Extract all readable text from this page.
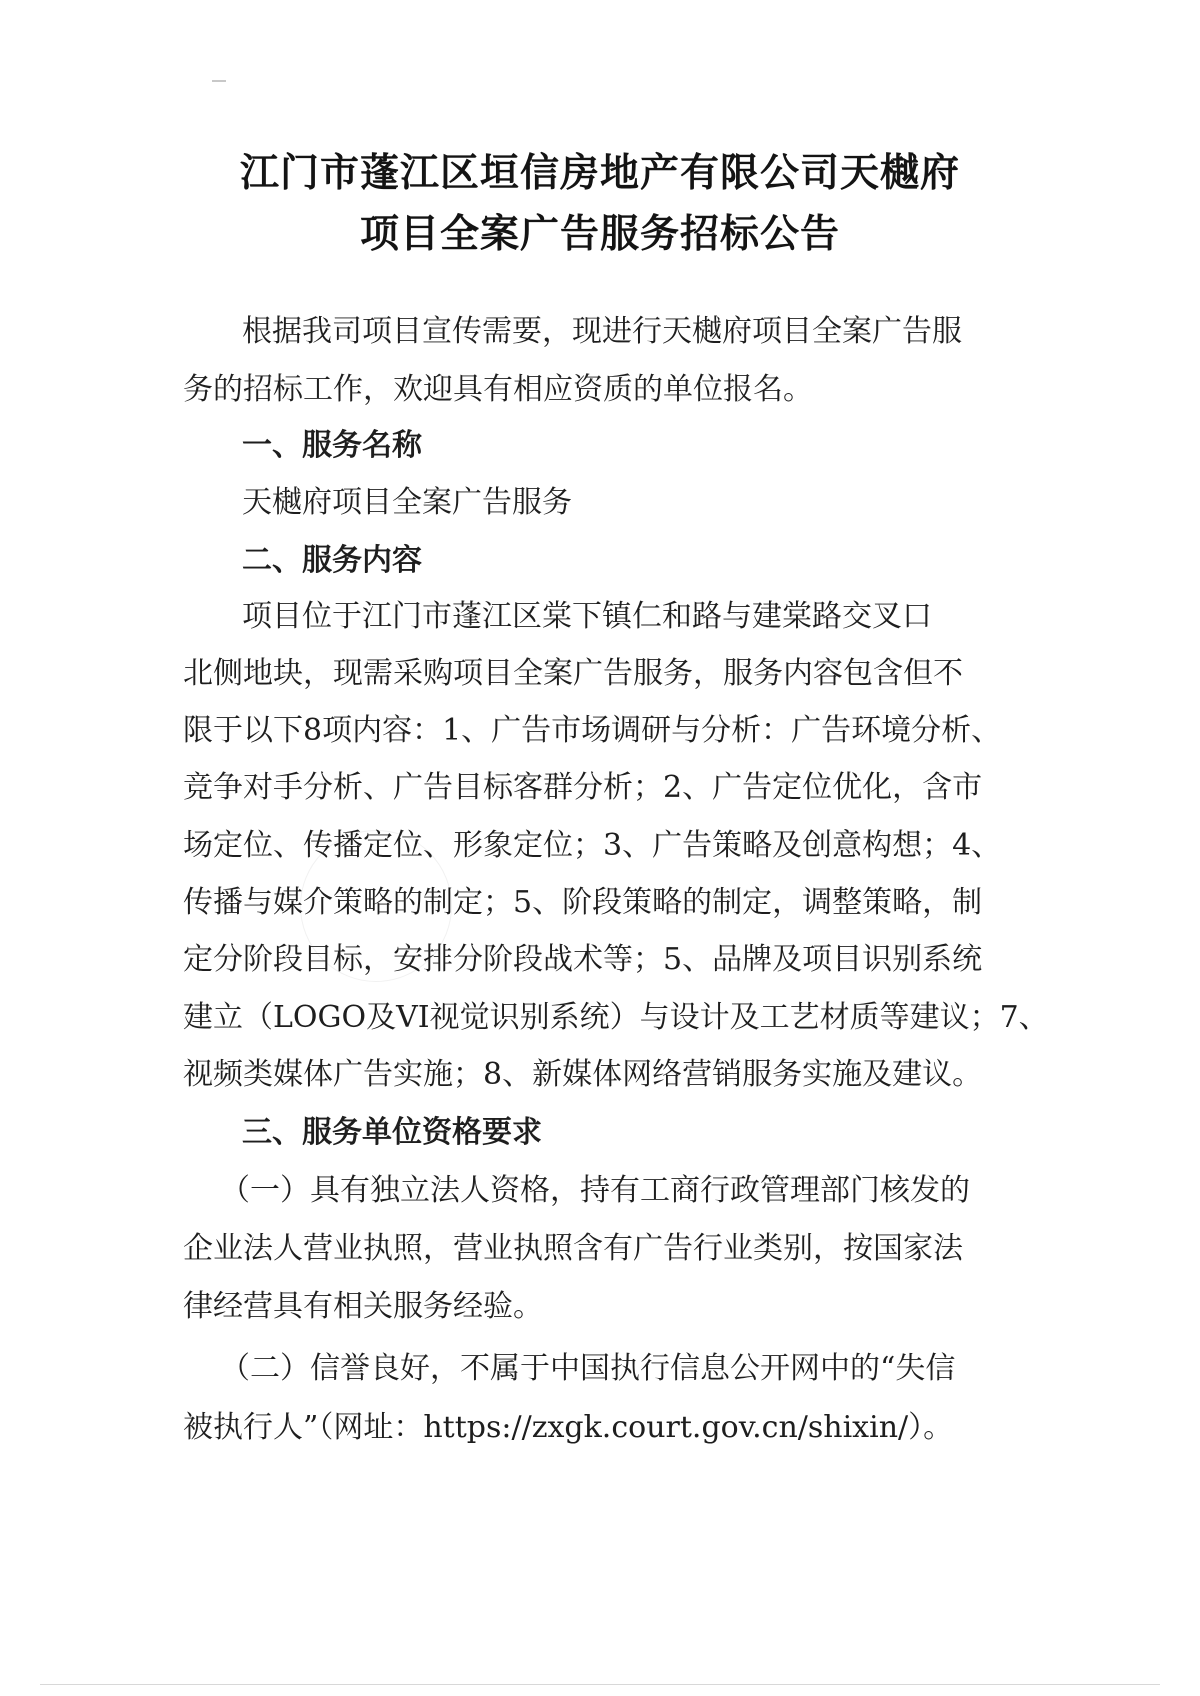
江门市蓬江区垣信房地产有限公司天樾府
项目全案广告服务招标公告
根据我司项目宣传需要，现进行天樾府项目全案广告服
务的招标工作，欢迎具有相应资质的单位报名。
一、服务名称
天樾府项目全案广告服务
二、服务内容
项目位于江门市蓬江区棠下镇仁和路与建棠路交叉口
北侧地块，现需采购项目全案广告服务，服务内容包含但不
限于以下8项内容：1、广告市场调研与分析：广告环境分析、
竞争对手分析、广告目标客群分析；2、广告定位优化，含市
场定位、传播定位、形象定位；3、广告策略及创意构想；4、
传播与媒介策略的制定；5、阶段策略的制定，调整策略，制
定分阶段目标，安排分阶段战术等；5、品牌及项目识别系统
建立（LOGO及VI视觉识别系统）与设计及工艺材质等建议；7、
视频类媒体广告实施；8、新媒体网络营销服务实施及建议。
三、服务单位资格要求
（一）具有独立法人资格，持有工商行政管理部门核发的
企业法人营业执照，营业执照含有广告行业类别，按国家法
律经营具有相关服务经验。
（二）信誉良好，不属于中国执行信息公开网中的“失信
被执行人”（网址：https://zxgk.court.gov.cn/shixin/）。
